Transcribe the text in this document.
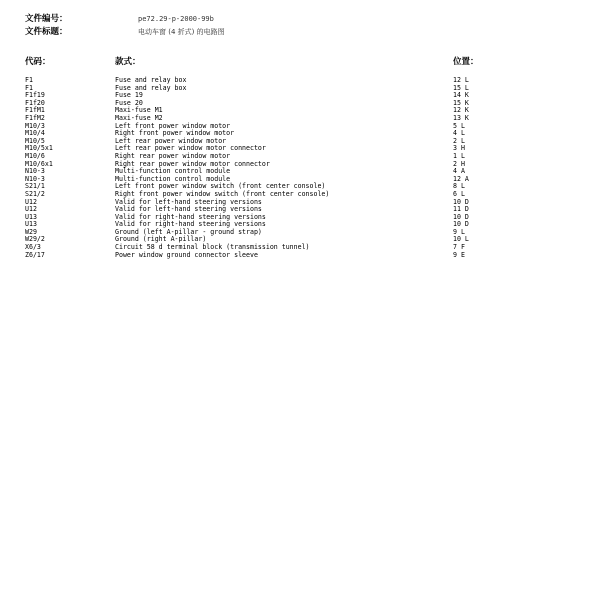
文件编号：	pe72.29-p-2000-99b
文件标题：	电动车窗 (4 折式) 的电路图
代码：	款式：	位置：
F1	Fuse and relay box	12 L
F1	Fuse and relay box	15 L
F1f19	Fuse 19	14 K
F1f20	Fuse 20	15 K
F1fM1	Maxi-fuse M1	12 K
F1fM2	Maxi-fuse M2	13 K
M10/3	Left front power window motor	5 L
M10/4	Right front power window motor	4 L
M10/5	Left rear power window motor	2 L
M10/5x1	Left rear power window motor connector	3 H
M10/6	Right rear power window motor	1 L
M10/6x1	Right rear power window motor connector	2 H
N10-3	Multi-function control module	4 A
N10-3	Multi-function control module	12 A
S21/1	Left front power window switch (front center console)	8 L
S21/2	Right front power window switch (front center console)	6 L
U12	Valid for left-hand steering versions	10 D
U12	Valid for left-hand steering versions	11 D
U13	Valid for right-hand steering versions	10 D
U13	Valid for right-hand steering versions	10 D
W29	Ground (left A-pillar - ground strap)	9 L
W29/2	Ground (right A-pillar)	10 L
X6/3	Circuit 58 d terminal block (transmission tunnel)	7 F
Z6/17	Power window ground connector sleeve	9 E
